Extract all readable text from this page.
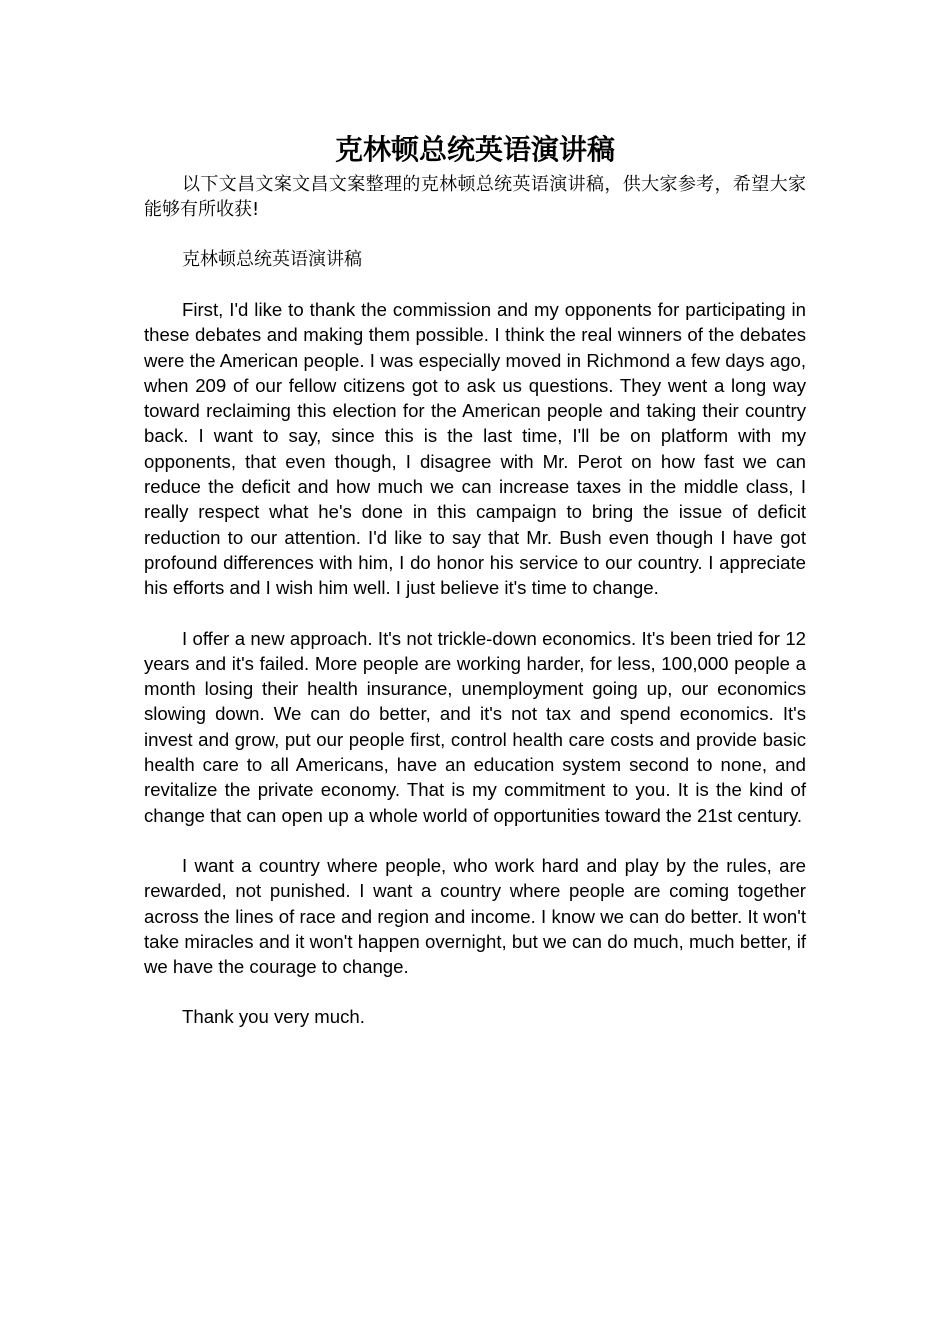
克林顿总统英语演讲稿

以下文昌文案文昌文案整理的克林顿总统英语演讲稿，供大家参考，希望大家能够有所收获!

克林顿总统英语演讲稿

First, I'd like to thank the commission and my opponents for participating in these debates and making them possible. I think the real winners of the debates were the American people. I was especially moved in Richmond a few days ago, when 209 of our fellow citizens got to ask us questions. They went a long way toward reclaiming this election for the American people and taking their country back. I want to say, since this is the last time, I'll be on platform with my opponents, that even though, I disagree with Mr. Perot on how fast we can reduce the deficit and how much we can increase taxes in the middle class, I really respect what he's done in this campaign to bring the issue of deficit reduction to our attention. I'd like to say that Mr. Bush even though I have got profound differences with him, I do honor his service to our country. I appreciate his efforts and I wish him well. I just believe it's time to change.

I offer a new approach. It's not trickle-down economics. It's been tried for 12 years and it's failed. More people are working harder, for less, 100,000 people a month losing their health insurance, unemployment going up, our economics slowing down. We can do better, and it's not tax and spend economics. It's invest and grow, put our people first, control health care costs and provide basic health care to all Americans, have an education system second to none, and revitalize the private economy. That is my commitment to you. It is the kind of change that can open up a whole world of opportunities toward the 21st century.

I want a country where people, who work hard and play by the rules, are rewarded, not punished. I want a country where people are coming together across the lines of race and region and income. I know we can do better. It won't take miracles and it won't happen overnight, but we can do much, much better, if we have the courage to change.

Thank you very much.
